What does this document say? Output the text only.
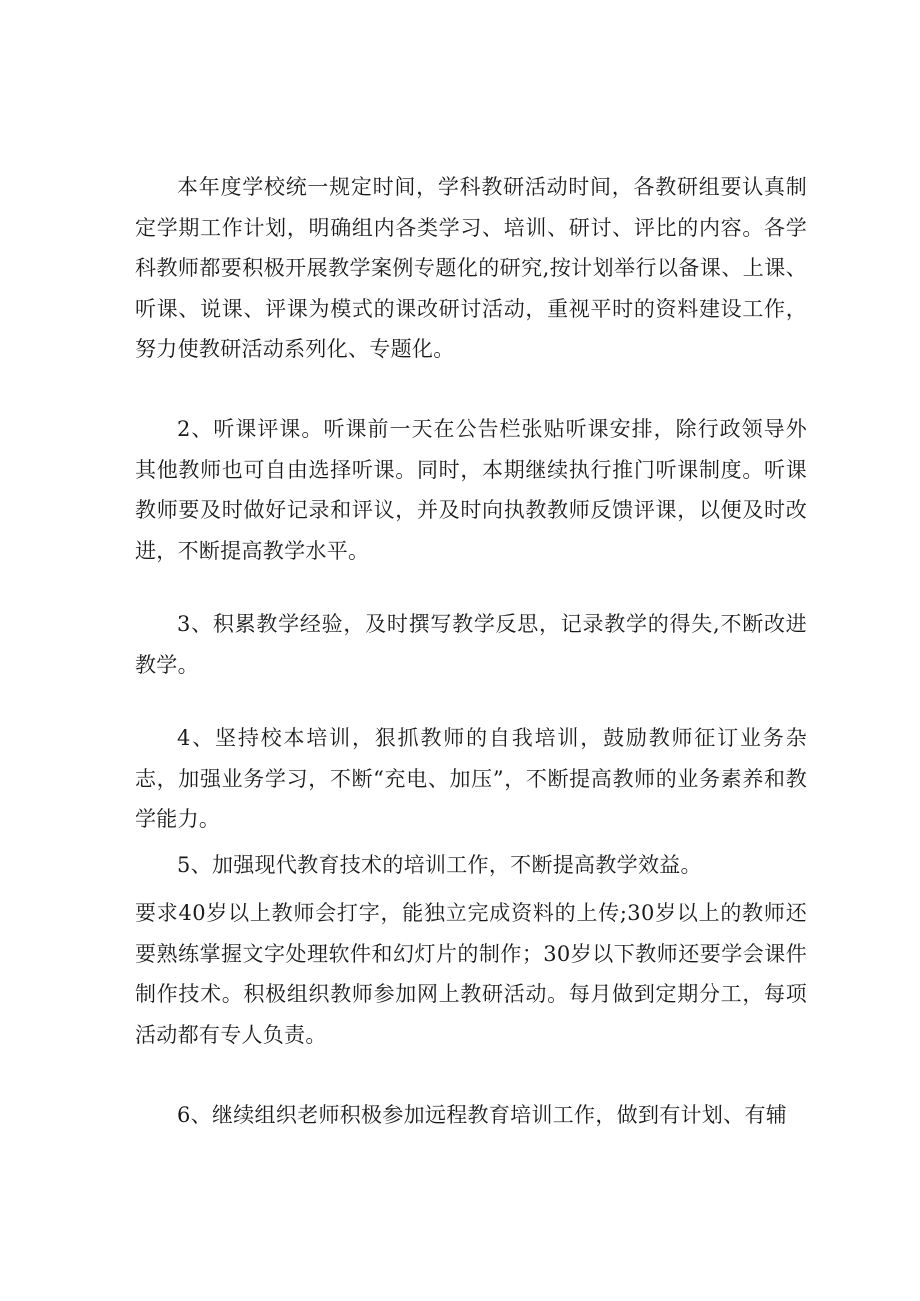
本年度学校统一规定时间，学科教研活动时间，各教研组要认真制定学期工作计划，明确组内各类学习、培训、研讨、评比的内容。各学科教师都要积极开展教学案例专题化的研究,按计划举行以备课、上课、听课、说课、评课为模式的课改研讨活动，重视平时的资料建设工作，努力使教研活动系列化、专题化。

2、听课评课。听课前一天在公告栏张贴听课安排，除行政领导外其他教师也可自由选择听课。同时，本期继续执行推门听课制度。听课教师要及时做好记录和评议，并及时向执教教师反馈评课，以便及时改进，不断提高教学水平。

3、积累教学经验，及时撰写教学反思，记录教学的得失,不断改进教学。

4、坚持校本培训，狠抓教师的自我培训，鼓励教师征订业务杂志，加强业务学习，不断“充电、加压”，不断提高教师的业务素养和教学能力。

5、加强现代教育技术的培训工作，不断提高教学效益。

要求40岁以上教师会打字，能独立完成资料的上传;30岁以上的教师还要熟练掌握文字处理软件和幻灯片的制作；30岁以下教师还要学会课件制作技术。积极组织教师参加网上教研活动。每月做到定期分工，每项活动都有专人负责。

6、继续组织老师积极参加远程教育培训工作，做到有计划、有辅
